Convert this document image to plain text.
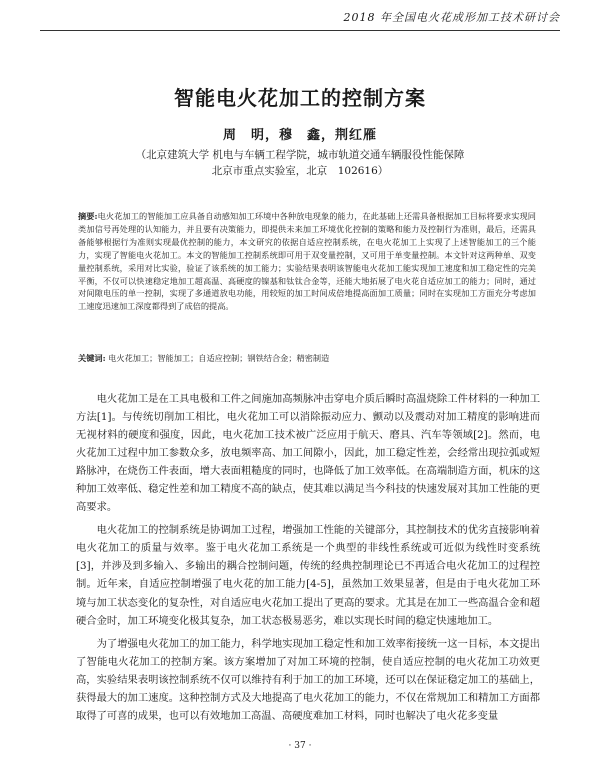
2018 年全国电火花成形加工技术研讨会
智能电火花加工的控制方案
周　明，穆　鑫，荆红雁
（北京建筑大学 机电与车辆工程学院，城市轨道交通车辆服役性能保障
北京市重点实验室，北京　102616）
摘要:电火花加工的智能加工应具备自动感知加工环境中各种放电现象的能力，在此基础上还需具备根据加工目标将要求实现同类加信号再处理的认知能力，并且要有决策能力，即提供未来加工环境优化控制的策略和能力及控制行为准则，最后，还需具备能够根据行为准则实现最优控制的能力，本文研究的依据自适应控制系统，在电火花加工上实现了上述智能加工的三个能力，实现了智能电火花加工。本文的智能加工控制系统即可用于双变量控制，又可用于单变量控制。本文针对这两种单、双变量控制系统，采用对比实验，验证了该系统的加工能力；实验结果表明该智能电火花加工能实现加工速度和加工稳定性的完美平衡，不仅可以快速稳定地加工超高温、高硬度的镍基和钛钛合金等，还能大地拓展了电火花自适应加工的能力；同时，通过对间隙电压的单一控制，实现了多通道放电功能，用较短的加工时间成倍地提高面加工质量；同时在实现加工方面充分考虑加工速度迅速加工深度都得到了成倍的提高。
关键词: 电火花加工；智能加工；自适应控制；钢铁结合金；精密制造

电火花加工是在工具电极和工件之间施加高频脉冲击穿电介质后瞬时高温烧除工件材料的一种加工方法[1]。与传统切削加工相比，电火花加工可以消除振动应力、颤动以及震动对加工精度的影响进而无视材料的硬度和强度，因此，电火花加工技术被广泛应用于航天、磨具、汽车等领域[2]。然而，电火花加工过程中加工参数众多，放电频率高、加工间隙小，因此，加工稳定性差，会经常出现拉弧或短路脉冲，在烧伤工件表面，增大表面粗糙度的同时，也降低了加工效率低。在高端制造方面，机床的这种加工效率低、稳定性差和加工精度不高的缺点，使其难以满足当今科技的快速发展对其加工性能的更高要求。

电火花加工的控制系统是协调加工过程，增强加工性能的关键部分，其控制技术的优劣直接影响着电火花加工的质量与效率。鉴于电火花加工系统是一个典型的非线性系统或可近似为线性时变系统[3]，并涉及到多输入、多输出的耦合控制问题，传统的经典控制理论已不再适合电火花加工的过程控制。近年来，自适应控制增强了电火花的加工能力[4-5]，虽然加工效果显著，但是由于电火花加工环境与加工状态变化的复杂性，对自适应电火花加工提出了更高的要求。尤其是在加工一些高温合金和超硬合金时，加工环境变化极其复杂，加工状态极易恶劣，难以实现长时间的稳定快速地加工。

为了增强电火花加工的加工能力，科学地实现加工稳定性和加工效率衔接统一这一目标，本文提出了智能电火花加工的控制方案。该方案增加了对加工环境的控制，使自适应控制的电火花加工功效更高，实验结果表明该控制系统不仅可以维持有利于加工的加工环境，还可以在保证稳定加工的基础上，获得最大的加工速度。这种控制方式及大地提高了电火花加工的能力，不仅在常规加工和精加工方面都取得了可喜的成果，也可以有效地加工高温、高硬度难加工材料，同时也解决了电火花多变量

· 37 ·
